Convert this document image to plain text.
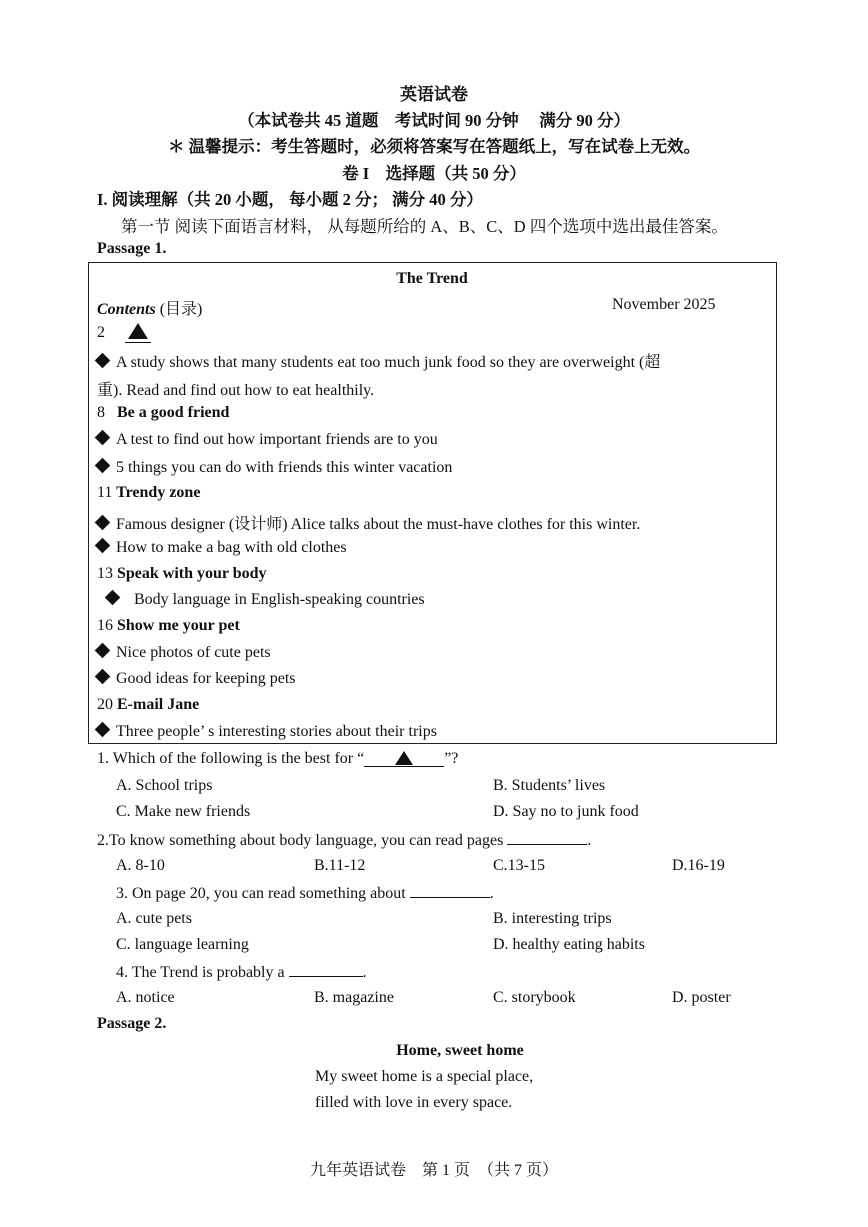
英语试卷
（本试卷共 45 道题　考试时间 90 分钟　 满分 90 分）
＊ 温馨提示：考生答题时，必须将答案写在答题纸上，写在试卷上无效。
卷 I　选择题（共 50 分）
I. 阅读理解（共 20 小题， 每小题 2 分； 满分 40 分）
第一节 阅读下面语言材料， 从每题所给的 A、B、C、D 四个选项中选出最佳答案。
Passage 1.
The Trend
Contents (目录)	November 2025
2
A study shows that many students eat too much junk food so they are overweight (超
重). Read and find out how to eat healthily.
8 Be a good friend
A test to find out how important friends are to you
5 things you can do with friends this winter vacation
11 Trendy zone
Famous designer (设计师) Alice talks about the must-have clothes for this winter.
How to make a bag with old clothes
13 Speak with your body
Body language in English-speaking countries
16 Show me your pet
Nice photos of cute pets
Good ideas for keeping pets
20 E-mail Jane
Three people’ s interesting stories about their trips
1. Which of the following is the best for “	”?
A. School trips	B. Students’ lives
C. Make new friends	D. Say no to junk food
2.To know something about body language, you can read pages	.
A. 8-10	B.11-12	C.13-15	D.16-19
3. On page 20, you can read something about	.
A. cute pets	B. interesting trips
C. language learning	D. healthy eating habits
4. The Trend is probably a	.
A. notice	B. magazine	C. storybook	D. poster
Passage 2.
Home, sweet home
My sweet home is a special place,
filled with love in every space.
九年英语试卷　第 1 页　（共 7 页）
